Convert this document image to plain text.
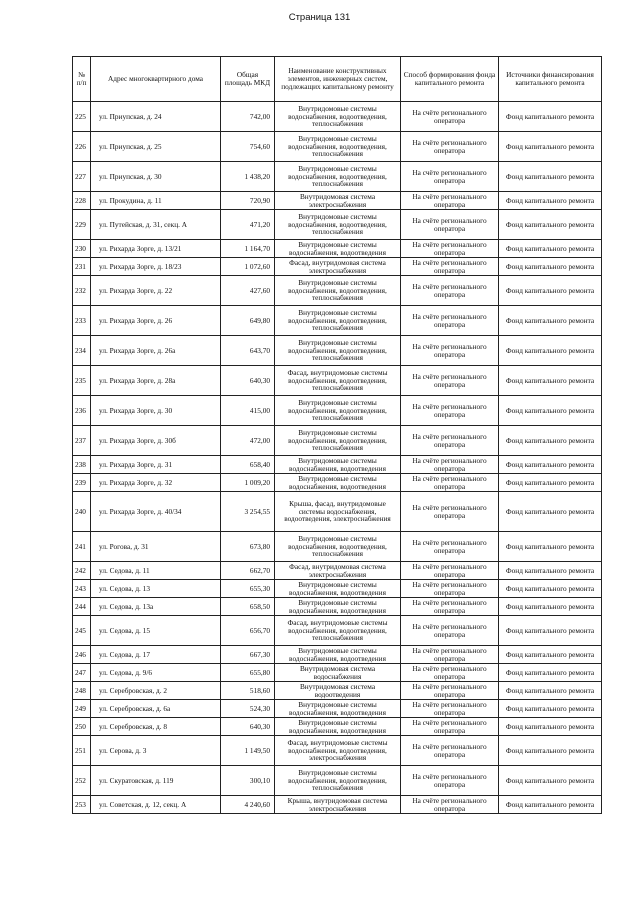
Страница 131
№ п/п	Адрес многоквартирного дома	Общая площадь МКД	Наименование конструктивных элементов, инженерных систем, подлежащих капитальному ремонту	Способ формирования фонда капитального ремонта	Источники финансирования капитального ремонта
225	ул. Приупская, д. 24	742,00	Внутридомовые системы водоснабжения, водоотведения, теплоснабжения	На счёте регионального оператора	Фонд капитального ремонта
226	ул. Приупская, д. 25	754,60	Внутридомовые системы водоснабжения, водоотведения, теплоснабжения	На счёте регионального оператора	Фонд капитального ремонта
227	ул. Приупская, д. 30	1 438,20	Внутридомовые системы водоснабжения, водоотведения, теплоснабжения	На счёте регионального оператора	Фонд капитального ремонта
228	ул. Прокудина, д. 11	720,90	Внутридомовая система электроснабжения	На счёте регионального оператора	Фонд капитального ремонта
229	ул. Путейская, д. 31, секц. А	471,20	Внутридомовые системы водоснабжения, водоотведения, теплоснабжения	На счёте регионального оператора	Фонд капитального ремонта
230	ул. Рихарда Зорге, д. 13/21	1 164,70	Внутридомовые системы водоснабжения, водоотведения	На счёте регионального оператора	Фонд капитального ремонта
231	ул. Рихарда Зорге, д. 18/23	1 072,60	Фасад, внутридомовая система электроснабжения	На счёте регионального оператора	Фонд капитального ремонта
232	ул. Рихарда Зорге, д. 22	427,60	Внутридомовые системы водоснабжения, водоотведения, теплоснабжения	На счёте регионального оператора	Фонд капитального ремонта
233	ул. Рихарда Зорге, д. 26	649,80	Внутридомовые системы водоснабжения, водоотведения, теплоснабжения	На счёте регионального оператора	Фонд капитального ремонта
234	ул. Рихарда Зорге, д. 26а	643,70	Внутридомовые системы водоснабжения, водоотведения, теплоснабжения	На счёте регионального оператора	Фонд капитального ремонта
235	ул. Рихарда Зорге, д. 28а	640,30	Фасад, внутридомовые системы водоснабжения, водоотведения, теплоснабжения	На счёте регионального оператора	Фонд капитального ремонта
236	ул. Рихарда Зорге, д. 30	415,00	Внутридомовые системы водоснабжения, водоотведения, теплоснабжения	На счёте регионального оператора	Фонд капитального ремонта
237	ул. Рихарда Зорге, д. 30б	472,00	Внутридомовые системы водоснабжения, водоотведения, теплоснабжения	На счёте регионального оператора	Фонд капитального ремонта
238	ул. Рихарда Зорге, д. 31	658,40	Внутридомовые системы водоснабжения, водоотведения	На счёте регионального оператора	Фонд капитального ремонта
239	ул. Рихарда Зорге, д. 32	1 009,20	Внутридомовые системы водоснабжения, водоотведения	На счёте регионального оператора	Фонд капитального ремонта
240	ул. Рихарда Зорге, д. 40/34	3 254,55	Крыша, фасад, внутридомовые системы водоснабжения, водоотведения, электроснабжения	На счёте регионального оператора	Фонд капитального ремонта
241	ул. Рогова, д. 31	673,80	Внутридомовые системы водоснабжения, водоотведения, теплоснабжения	На счёте регионального оператора	Фонд капитального ремонта
242	ул. Седова, д. 11	662,70	Фасад, внутридомовая система электроснабжения	На счёте регионального оператора	Фонд капитального ремонта
243	ул. Седова, д. 13	655,30	Внутридомовые системы водоснабжения, водоотведения	На счёте регионального оператора	Фонд капитального ремонта
244	ул. Седова, д. 13а	658,50	Внутридомовые системы водоснабжения, водоотведения	На счёте регионального оператора	Фонд капитального ремонта
245	ул. Седова, д. 15	656,70	Фасад, внутридомовые системы водоснабжения, водоотведения, теплоснабжения	На счёте регионального оператора	Фонд капитального ремонта
246	ул. Седова, д. 17	667,30	Внутридомовые системы водоснабжения, водоотведения	На счёте регионального оператора	Фонд капитального ремонта
247	ул. Седова, д. 9/6	655,80	Внутридомовая система водоснабжения	На счёте регионального оператора	Фонд капитального ремонта
248	ул. Серебровская, д. 2	518,60	Внутридомовая система водоотведения	На счёте регионального оператора	Фонд капитального ремонта
249	ул. Серебровская, д. 6а	524,30	Внутридомовые системы водоснабжения, водоотведения	На счёте регионального оператора	Фонд капитального ремонта
250	ул. Серебровская, д. 8	640,30	Внутридомовые системы водоснабжения, водоотведения	На счёте регионального оператора	Фонд капитального ремонта
251	ул. Серова, д. 3	1 149,50	Фасад, внутридомовые системы водоснабжения, водоотведения, электроснабжения	На счёте регионального оператора	Фонд капитального ремонта
252	ул. Скуратовская, д. 119	300,10	Внутридомовые системы водоснабжения, водоотведения, теплоснабжения	На счёте регионального оператора	Фонд капитального ремонта
253	ул. Советская, д. 12, секц. А	4 240,60	Крыша, внутридомовая система электроснабжения	На счёте регионального оператора	Фонд капитального ремонта
